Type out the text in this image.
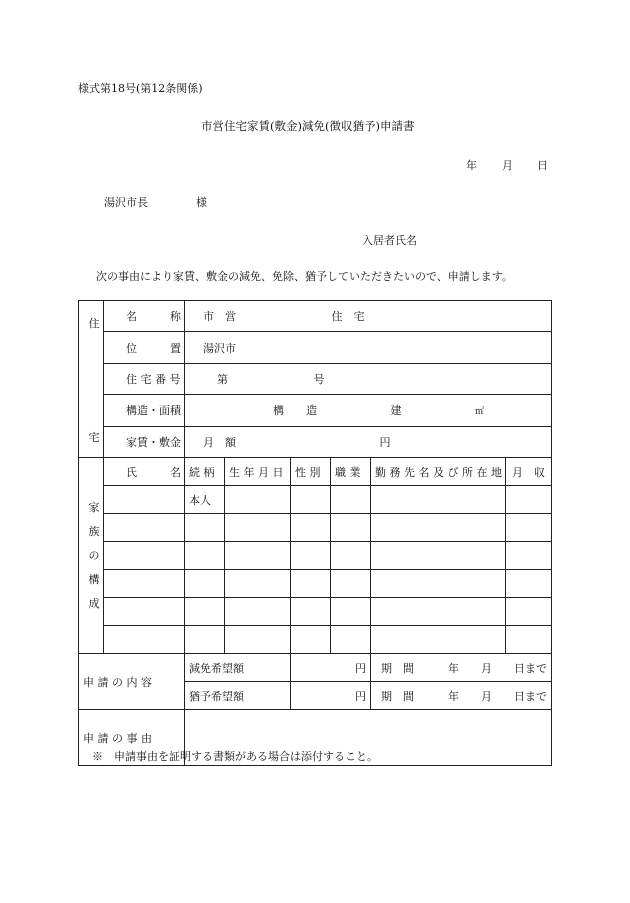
様式第18号(第12条関係)
市営住宅家賃(敷金)減免(徴収猶予)申請書
年 月 日
湯沢市長	様
入居者氏名
次の事由により家賃、敷金の減免、免除、猶予していただきたいので、申請します。
住
宅	名　　　称	市　営 住　宅					
	位　　　置	湯沢市					
	住 宅 番 号	第 号					
	構造・面積	構　　造 建 ㎡					
	家賃・敷金	月　額 円					

家
族
の
構
成	氏　　　名	続 柄	生 年 月 日	性 別	職 業	勤 務 先 名 及 び 所 在 地	月　収
		本人					

申 請 の 内 容		減免希望額		円		期　間 年　　月　　日まで	

		猶予希望額		円		期　間 年　　月　　日まで	

申 請 の 事 由							
※　申請事由を証明する書類がある場合は添付すること。
